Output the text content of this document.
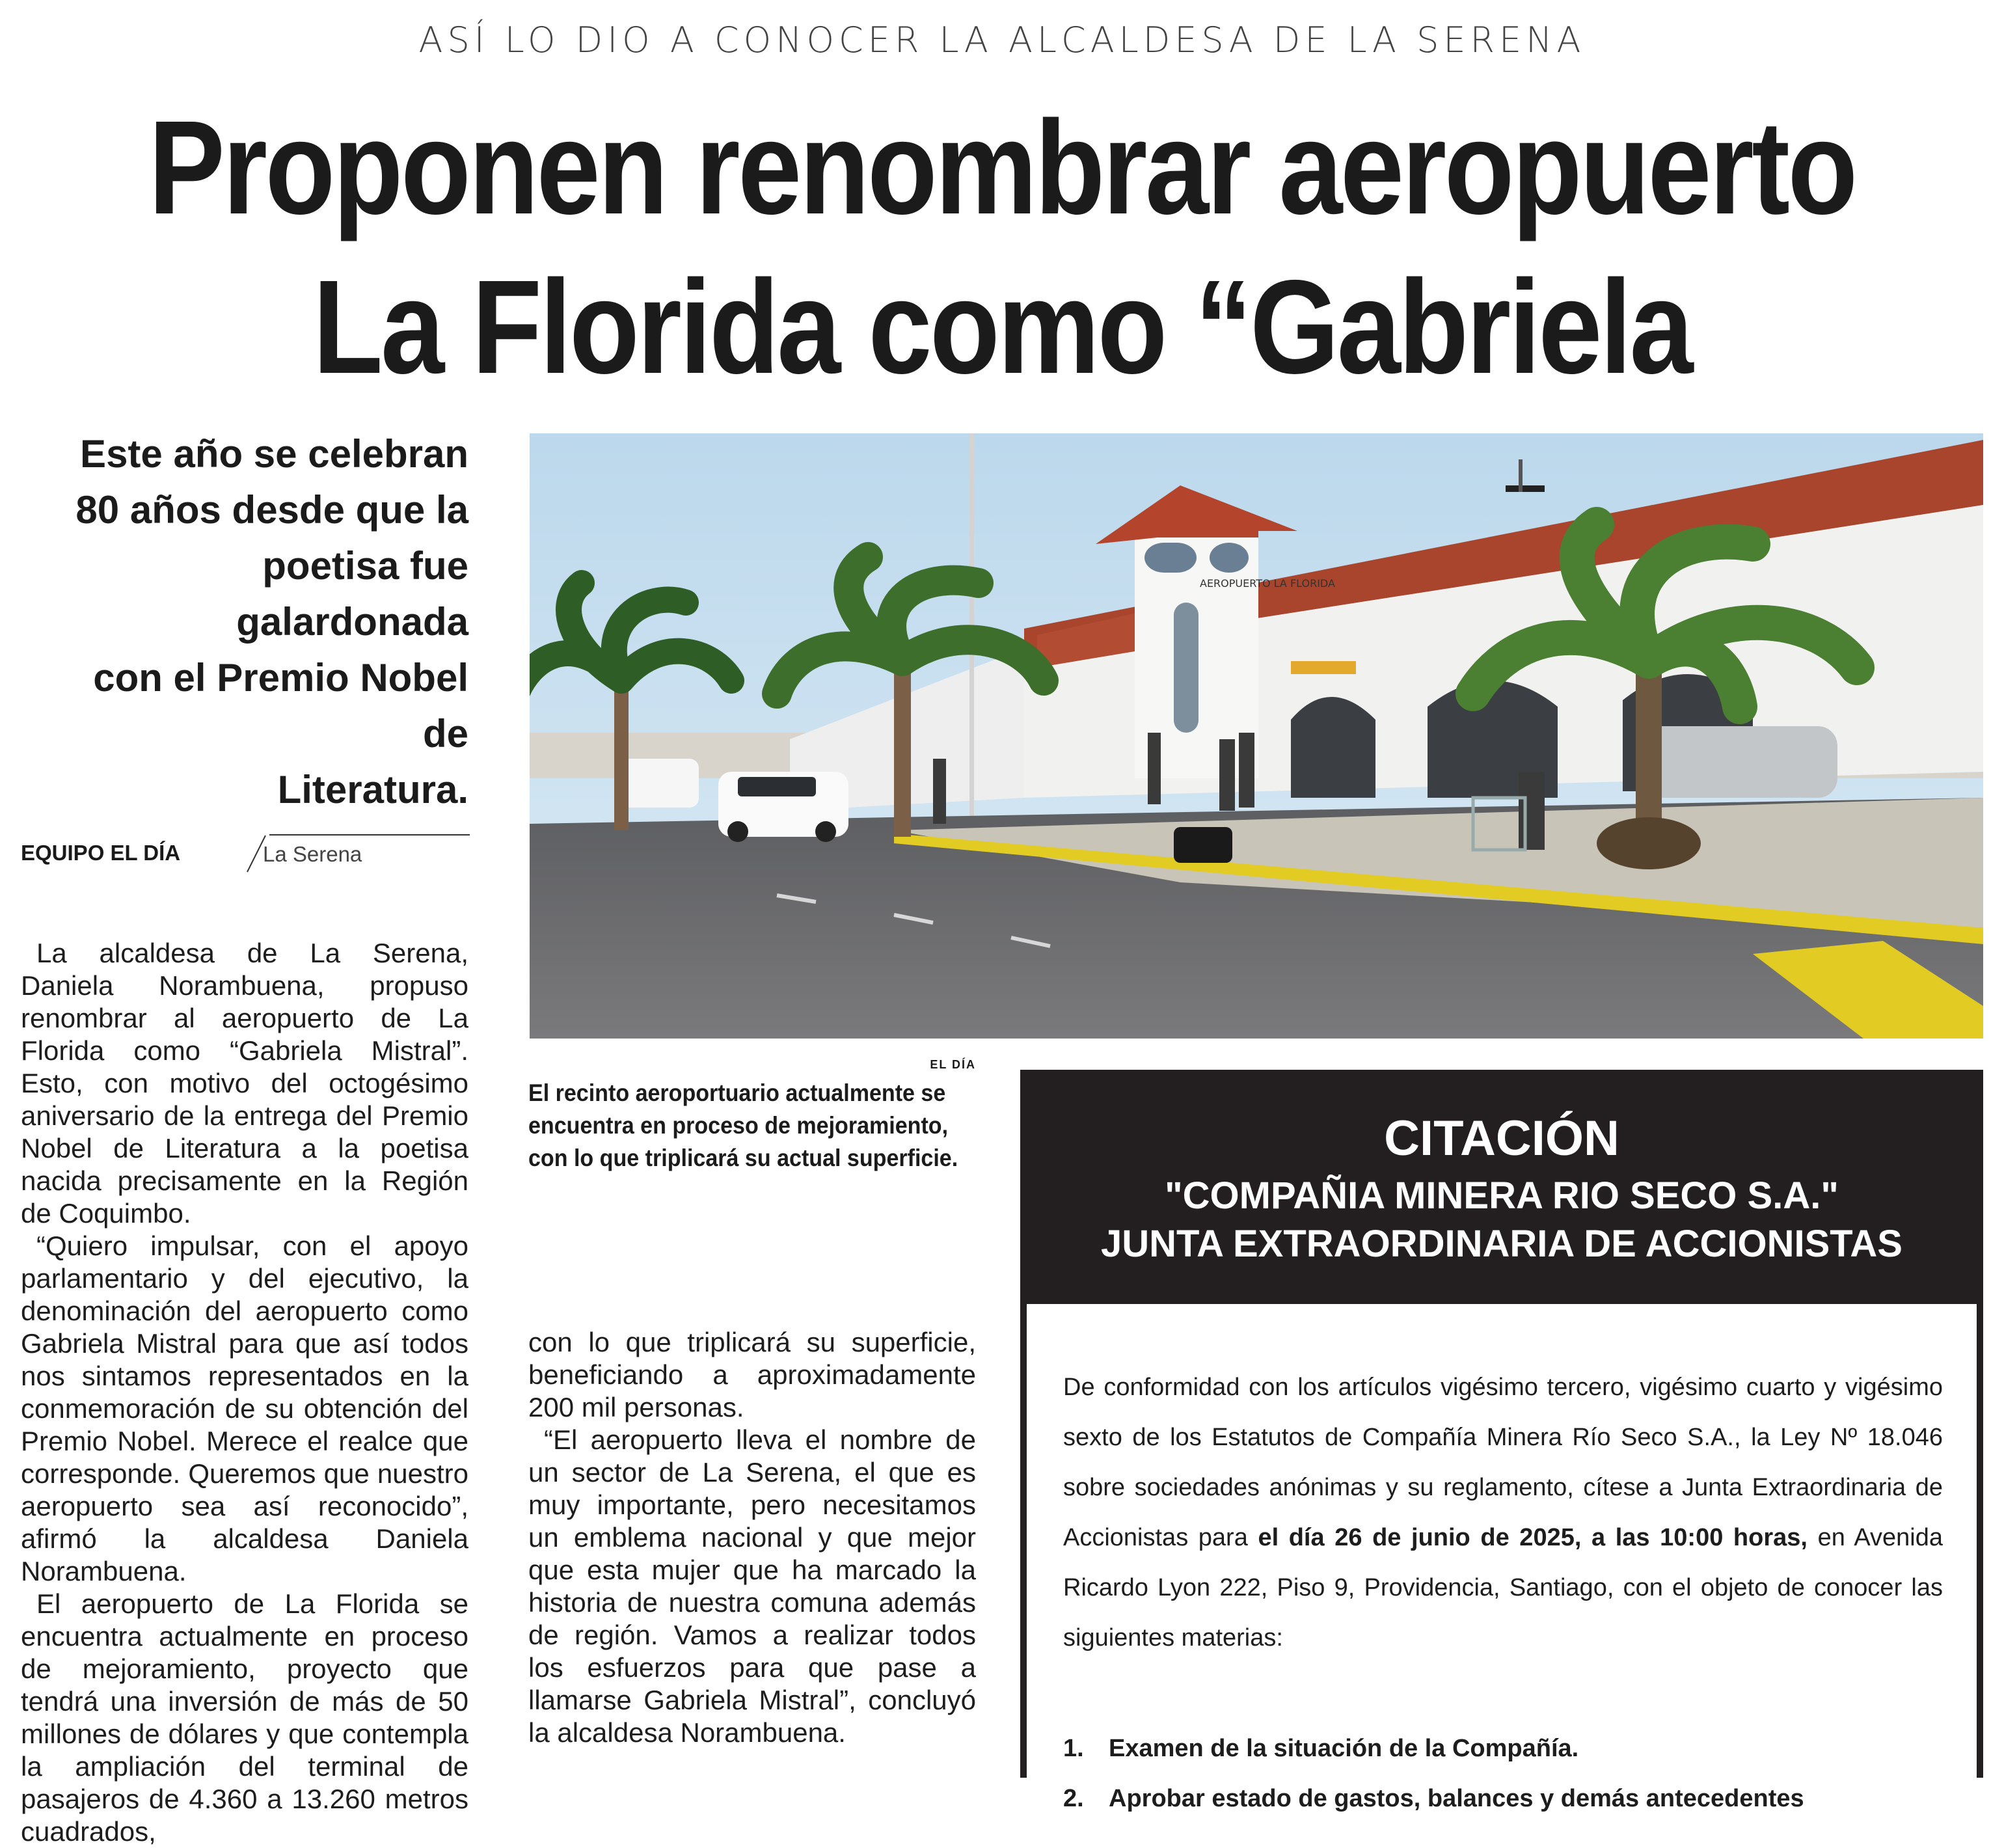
ASÍ LO DIO A CONOCER LA ALCALDESA DE LA SERENA
Proponen renombrar aeropuerto
La Florida como “Gabriela
Este año se celebran
80 años desde que la
poetisa fue galardonada
con el Premio Nobel de
Literatura.
EQUIPO EL DÍA	La Serena

La alcaldesa de La Serena, Daniela Norambuena, propuso renombrar al aeropuerto de La Florida como “Gabriela Mistral”. Esto, con motivo del octogésimo aniversario de la entrega del Premio Nobel de Literatura a la poetisa nacida precisamente en la Región de Coquimbo.

“Quiero impulsar, con el apoyo parlamentario y del ejecutivo, la denominación del aeropuerto como Gabriela Mistral para que así todos nos sintamos representados en la conmemoración de su obtención del Premio Nobel. Merece el realce que corresponde. Queremos que nuestro aeropuerto sea así reconocido”, afirmó la alcaldesa Daniela Norambuena.

El aeropuerto de La Florida se encuentra actualmente en proceso de mejoramiento, proyecto que tendrá una inversión de más de 50 millones de dólares y que contempla la ampliación del terminal de pasajeros de 4.360 a 13.260 metros cuadrados,

AEROPUERTO LA FLORIDA
EL DÍA
El recinto aeroportuario actualmente se encuentra en proceso de mejoramiento, con lo que triplicará su actual superficie.

con lo que triplicará su superficie, beneficiando a aproximadamente 200 mil personas.

“El aeropuerto lleva el nombre de un sector de La Serena, el que es muy importante, pero necesitamos un emblema nacional y que mejor que esta mujer que ha marcado la historia de nuestra comuna además de región. Vamos a realizar todos los esfuerzos para que pase a llamarse Gabriela Mistral”, concluyó la alcaldesa Norambuena.

CITACIÓN
"COMPAÑIA MINERA RIO SECO S.A."
JUNTA EXTRAORDINARIA DE ACCIONISTAS
De conformidad con los artículos vigésimo tercero, vigésimo cuarto y vigésimo sexto de los Estatutos de Compañía Minera Río Seco S.A., la Ley Nº 18.046 sobre sociedades anónimas y su reglamento, cítese a Junta Extraordinaria de Accionistas para el día 26 de junio de 2025, a las 10:00 horas, en Avenida Ricardo Lyon 222, Piso 9, Providencia, Santiago, con el objeto de conocer las siguientes materias:
1. Examen de la situación de la Compañía.
2. Aprobar estado de gastos, balances y demás antecedentes
